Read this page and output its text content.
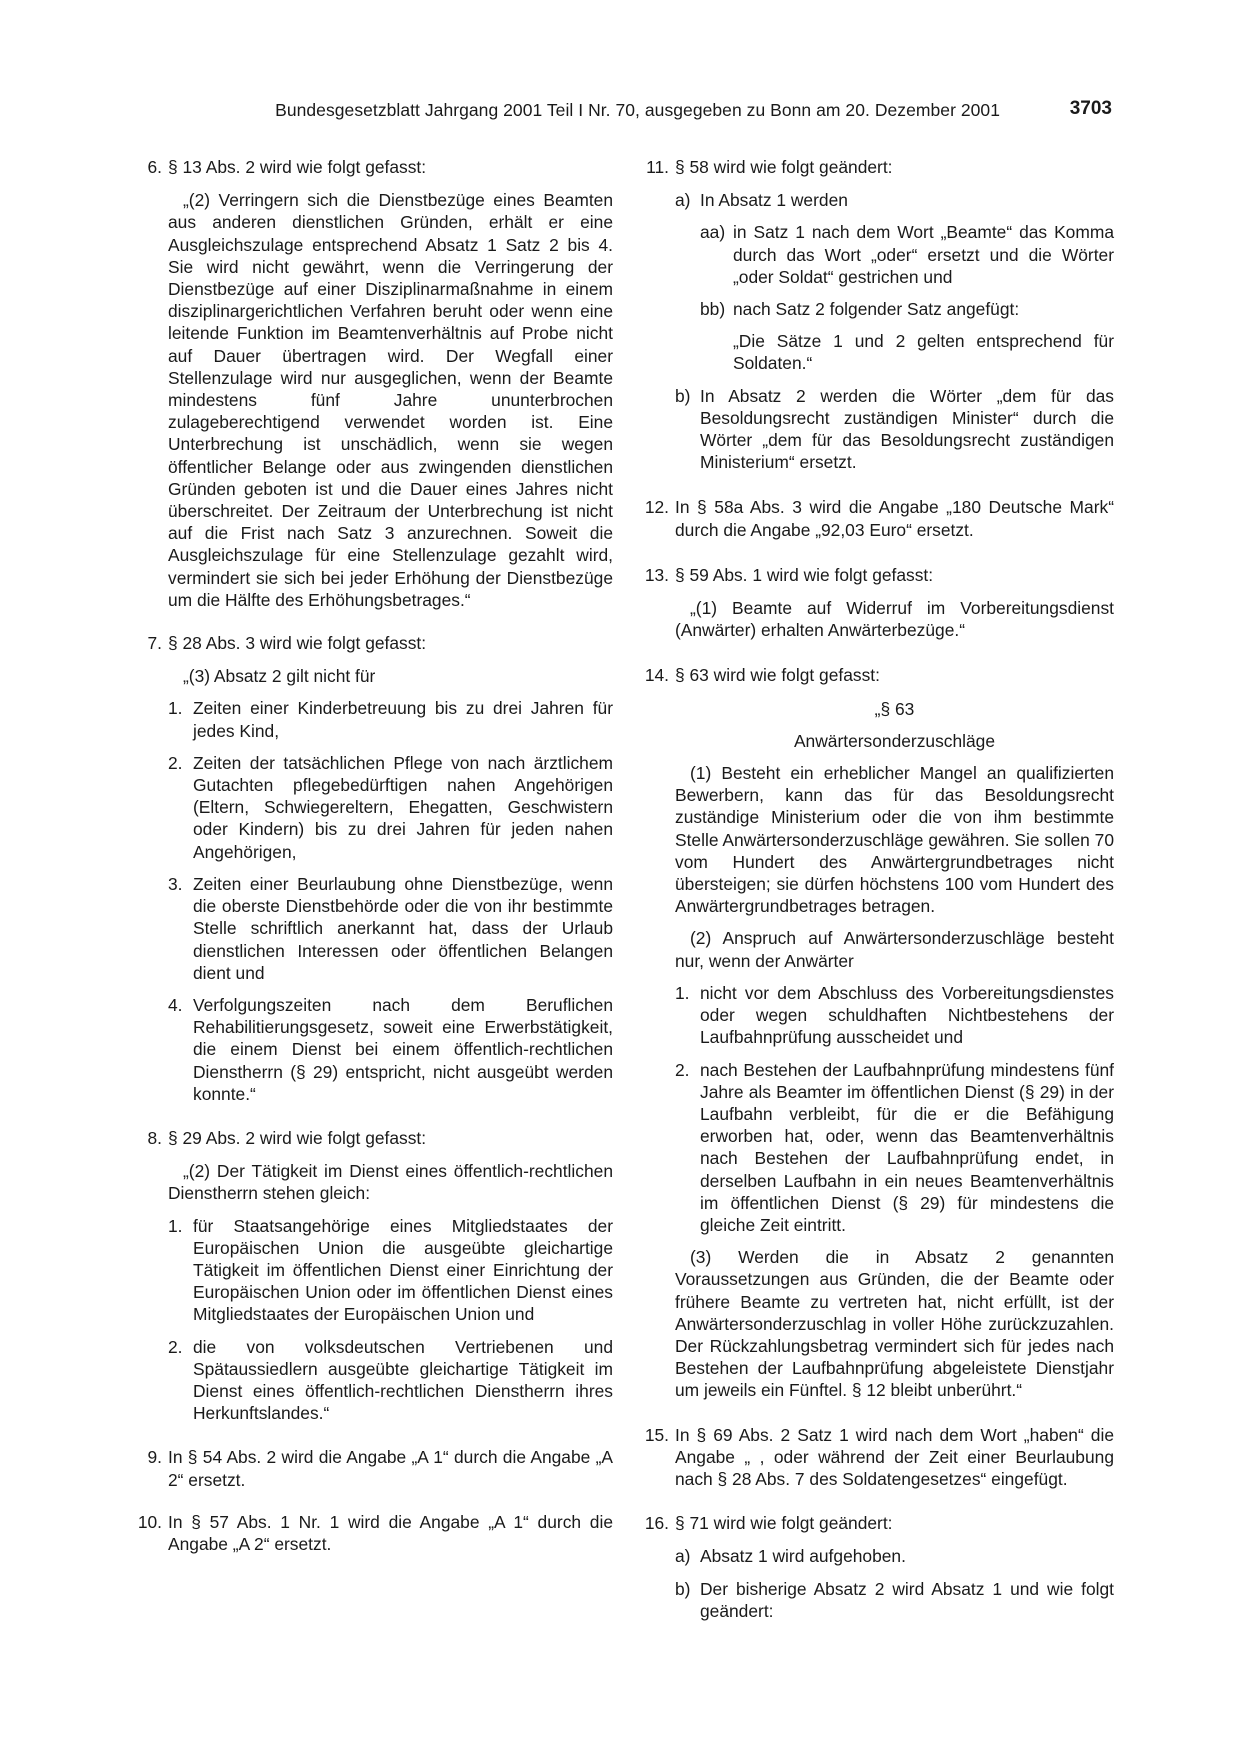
Bundesgesetzblatt Jahrgang 2001 Teil I Nr. 70, ausgegeben zu Bonn am 20. Dezember 2001	3703
6. § 13 Abs. 2 wird wie folgt gefasst:

„(2) Verringern sich die Dienstbezüge eines Beamten aus anderen dienstlichen Gründen, erhält er eine Ausgleichszulage entsprechend Absatz 1 Satz 2 bis 4. Sie wird nicht gewährt, wenn die Verringerung der Dienstbezüge auf einer Disziplinarmaßnahme in einem disziplinargerichtlichen Verfahren beruht oder wenn eine leitende Funktion im Beamtenverhältnis auf Probe nicht auf Dauer übertragen wird. Der Wegfall einer Stellenzulage wird nur ausgeglichen, wenn der Beamte mindestens fünf Jahre ununterbrochen zulageberechtigend verwendet worden ist. Eine Unterbrechung ist unschädlich, wenn sie wegen öffentlicher Belange oder aus zwingenden dienstlichen Gründen geboten ist und die Dauer eines Jahres nicht überschreitet. Der Zeitraum der Unterbrechung ist nicht auf die Frist nach Satz 3 anzurechnen. Soweit die Ausgleichszulage für eine Stellenzulage gezahlt wird, vermindert sie sich bei jeder Erhöhung der Dienstbezüge um die Hälfte des Erhöhungsbetrages.“

7. § 28 Abs. 3 wird wie folgt gefasst:

„(3) Absatz 2 gilt nicht für

1. Zeiten einer Kinderbetreuung bis zu drei Jahren für jedes Kind,
2. Zeiten der tatsächlichen Pflege von nach ärztlichem Gutachten pflegebedürftigen nahen Angehörigen (Eltern, Schwiegereltern, Ehegatten, Geschwistern oder Kindern) bis zu drei Jahren für jeden nahen Angehörigen,
3. Zeiten einer Beurlaubung ohne Dienstbezüge, wenn die oberste Dienstbehörde oder die von ihr bestimmte Stelle schriftlich anerkannt hat, dass der Urlaub dienstlichen Interessen oder öffentlichen Belangen dient und
4. Verfolgungszeiten nach dem Beruflichen Rehabilitierungsgesetz, soweit eine Erwerbstätigkeit, die einem Dienst bei einem öffentlich-rechtlichen Dienstherrn (§ 29) entspricht, nicht ausgeübt werden konnte.“
8. § 29 Abs. 2 wird wie folgt gefasst:

„(2) Der Tätigkeit im Dienst eines öffentlich-rechtlichen Dienstherrn stehen gleich:

1. für Staatsangehörige eines Mitgliedstaates der Europäischen Union die ausgeübte gleichartige Tätigkeit im öffentlichen Dienst einer Einrichtung der Europäischen Union oder im öffentlichen Dienst eines Mitgliedstaates der Europäischen Union und
2. die von volksdeutschen Vertriebenen und Spätaussiedlern ausgeübte gleichartige Tätigkeit im Dienst eines öffentlich-rechtlichen Dienstherrn ihres Herkunftslandes.“
9. In § 54 Abs. 2 wird die Angabe „A 1“ durch die Angabe „A 2“ ersetzt.

10. In § 57 Abs. 1 Nr. 1 wird die Angabe „A 1“ durch die Angabe „A 2“ ersetzt.

11. § 58 wird wie folgt geändert:

a) In Absatz 1 werden
aa) in Satz 1 nach dem Wort „Beamte“ das Komma durch das Wort „oder“ ersetzt und die Wörter „oder Soldat“ gestrichen und
bb) nach Satz 2 folgender Satz angefügt:

„Die Sätze 1 und 2 gelten entsprechend für Soldaten.“

b) In Absatz 2 werden die Wörter „dem für das Besoldungsrecht zuständigen Minister“ durch die Wörter „dem für das Besoldungsrecht zuständigen Ministerium“ ersetzt.
12. In § 58a Abs. 3 wird die Angabe „180 Deutsche Mark“ durch die Angabe „92,03 Euro“ ersetzt.

13. § 59 Abs. 1 wird wie folgt gefasst:

„(1) Beamte auf Widerruf im Vorbereitungsdienst (Anwärter) erhalten Anwärterbezüge.“

14. § 63 wird wie folgt gefasst:

„§ 63

Anwärtersonderzuschläge

(1) Besteht ein erheblicher Mangel an qualifizierten Bewerbern, kann das für das Besoldungsrecht zuständige Ministerium oder die von ihm bestimmte Stelle Anwärtersonderzuschläge gewähren. Sie sollen 70 vom Hundert des Anwärtergrundbetrages nicht übersteigen; sie dürfen höchstens 100 vom Hundert des Anwärtergrundbetrages betragen.

(2) Anspruch auf Anwärtersonderzuschläge besteht nur, wenn der Anwärter

1. nicht vor dem Abschluss des Vorbereitungsdienstes oder wegen schuldhaften Nichtbestehens der Laufbahnprüfung ausscheidet und
2. nach Bestehen der Laufbahnprüfung mindestens fünf Jahre als Beamter im öffentlichen Dienst (§ 29) in der Laufbahn verbleibt, für die er die Befähigung erworben hat, oder, wenn das Beamtenverhältnis nach Bestehen der Laufbahnprüfung endet, in derselben Laufbahn in ein neues Beamtenverhältnis im öffentlichen Dienst (§ 29) für mindestens die gleiche Zeit eintritt.

(3) Werden die in Absatz 2 genannten Voraussetzungen aus Gründen, die der Beamte oder frühere Beamte zu vertreten hat, nicht erfüllt, ist der Anwärtersonderzuschlag in voller Höhe zurückzuzahlen. Der Rückzahlungsbetrag vermindert sich für jedes nach Bestehen der Laufbahnprüfung abgeleistete Dienstjahr um jeweils ein Fünftel. § 12 bleibt unberührt.“

15. In § 69 Abs. 2 Satz 1 wird nach dem Wort „haben“ die Angabe „ , oder während der Zeit einer Beurlaubung nach § 28 Abs. 7 des Soldatengesetzes“ eingefügt.

16. § 71 wird wie folgt geändert:

a) Absatz 1 wird aufgehoben.
b) Der bisherige Absatz 2 wird Absatz 1 und wie folgt geändert:
